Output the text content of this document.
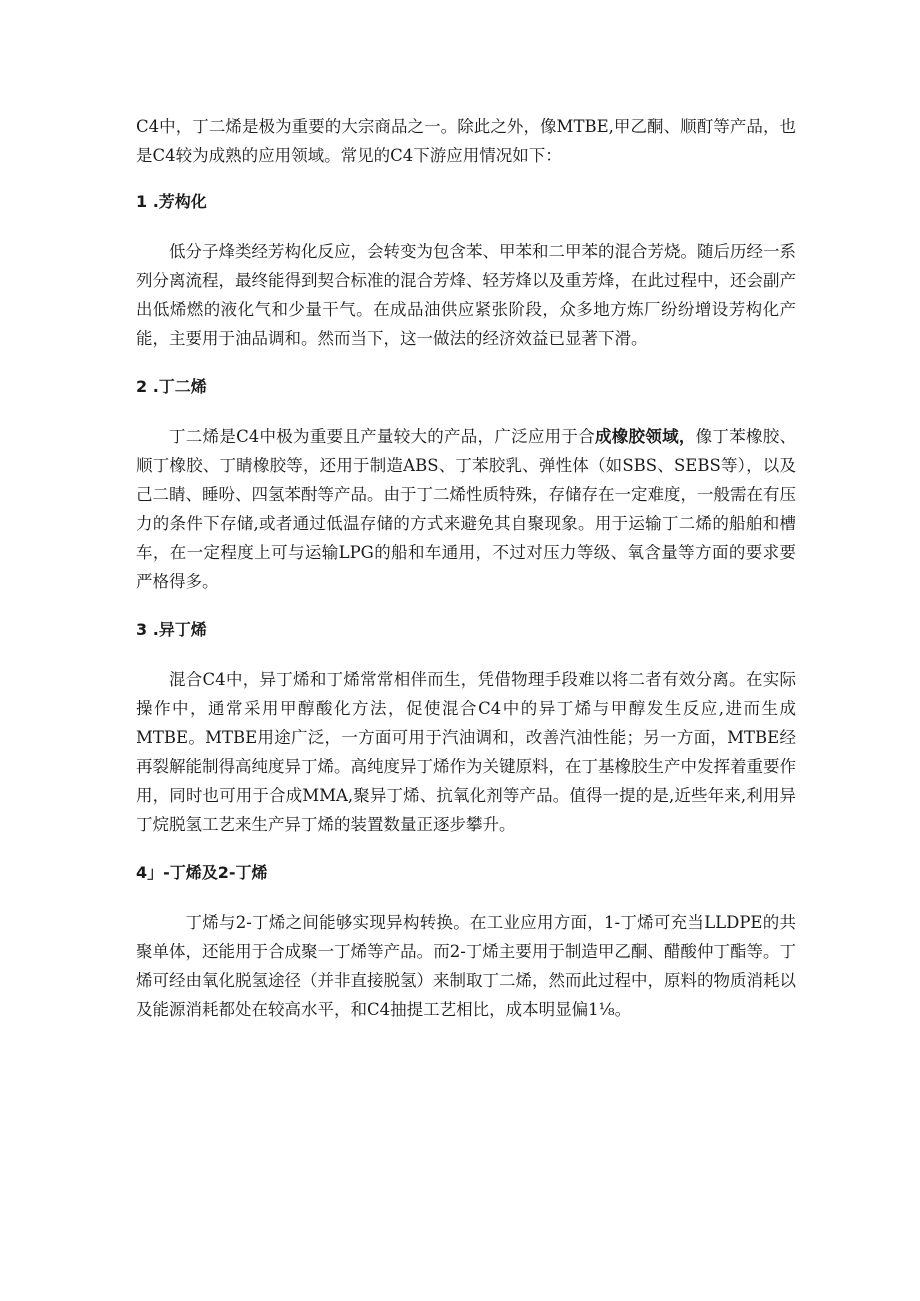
C4中，丁二烯是极为重要的大宗商品之一。除此之外，像MTBE,甲乙酮、顺酊等产品，也是C4较为成熟的应用领域。常见的C4下游应用情况如下：

1 .芳构化

低分子烽类经芳构化反应，会转变为包含苯、甲苯和二甲苯的混合芳烧。随后历经一系列分离流程，最终能得到契合标准的混合芳烽、轻芳烽以及重芳烽，在此过程中，还会副产出低烯燃的液化气和少量干气。在成品油供应紧张阶段，众多地方炼厂纷纷增设芳构化产能，主要用于油品调和。然而当下，这一做法的经济效益已显著下滑。

2 .丁二烯

丁二烯是C4中极为重要且产量较大的产品，广泛应用于合成橡胶领域，像丁苯橡胶、顺丁橡胶、丁睛橡胶等，还用于制造ABS、丁苯胶乳、弹性体（如SBS、SEBS等），以及己二睛、睡吩、四氢苯酎等产品。由于丁二烯性质特殊，存储存在一定难度，一般需在有压力的条件下存储,或者通过低温存储的方式来避免其自聚现象。用于运输丁二烯的船舶和槽车，在一定程度上可与运输LPG的船和车通用，不过对压力等级、氧含量等方面的要求要严格得多。

3 .异丁烯

混合C4中，异丁烯和丁烯常常相伴而生，凭借物理手段难以将二者有效分离。在实际操作中，通常采用甲醇酸化方法，促使混合C4中的异丁烯与甲醇发生反应,进而生成MTBE。MTBE用途广泛，一方面可用于汽油调和，改善汽油性能；另一方面，MTBE经再裂解能制得高纯度异丁烯。高纯度异丁烯作为关键原料，在丁基橡胶生产中发挥着重要作用，同时也可用于合成MMA,聚异丁烯、抗氧化剂等产品。值得一提的是,近些年来,利用异丁烷脱氢工艺来生产异丁烯的装置数量正逐步攀升。

4」-丁烯及2-丁烯

丁烯与2-丁烯之间能够实现异构转换。在工业应用方面，1-丁烯可充当LLDPE的共聚单体，还能用于合成聚一丁烯等产品。而2-丁烯主要用于制造甲乙酮、醋酸仲丁酯等。丁烯可经由氧化脱氢途径（并非直接脱氢）来制取丁二烯，然而此过程中，原料的物质消耗以及能源消耗都处在较高水平，和C4抽提工艺相比，成本明显偏1⅛。
